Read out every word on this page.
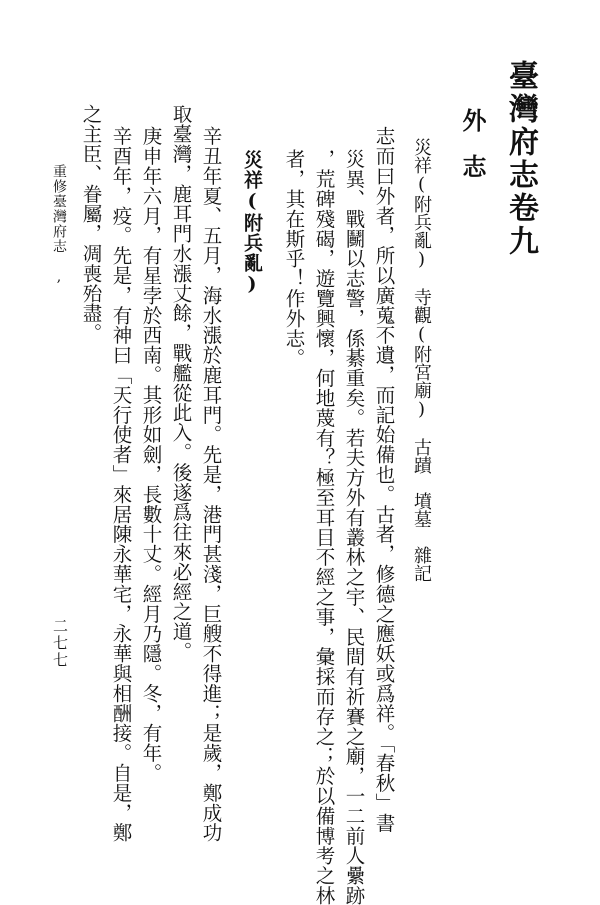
臺灣府志卷九
外志
災祥(附兵亂)　寺觀(附宮廟)　古蹟　墳墓　雜記
志而曰外者，所以廣蒐不遺，而記始備也。古者，修德之應妖或爲祥。「春秋」書
災異、戰鬭以志警，係綦重矣。若夫方外有叢林之宇、民間有祈賽之廟，一二前人纍跡
，荒碑殘碣，遊覽興懷，何地蔑有？極至耳目不經之事，彙採而存之；於以備博考之林
者，其在斯乎！作外志。
災祥(附兵亂)
辛丑年夏、五月，海水漲於鹿耳門。先是，港門甚淺，巨艘不得進；是歲，鄭成功
取臺灣，鹿耳門水漲丈餘，戰艦從此入。後遂爲往來必經之道。
庚申年六月，有星孛於西南。其形如劍，長數十丈。經月乃隱。冬，有年。
辛酉年，疫。先是，有神曰「天行使者」來居陳永華宅，永華與相酬接。自是，鄭
之主臣、眷屬，凋喪殆盡。
重修臺灣府志　,
二七七
